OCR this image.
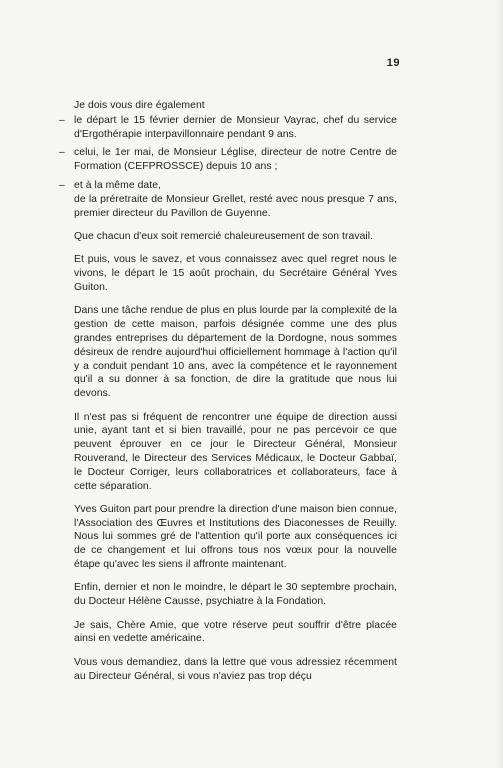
19

Je dois vous dire également

– le départ le 15 février dernier de Monsieur Vayrac, chef du service d'Ergothérapie interpavillonnaire pendant 9 ans.
– celui, le 1er mai, de Monsieur Léglise, directeur de notre Centre de Formation (CEFPROSSCE) depuis 10 ans ;
– et à la même date,
de la préretraite de Monsieur Grellet, resté avec nous presque 7 ans, premier directeur du Pavillon de Guyenne.

Que chacun d'eux soit remercié chaleureusement de son travail.

Et puis, vous le savez, et vous connaissez avec quel regret nous le vivons, le départ le 15 août prochain, du Secrétaire Général Yves Guiton.

Dans une tâche rendue de plus en plus lourde par la complexité de la gestion de cette maison, parfois désignée comme une des plus grandes entreprises du département de la Dordogne, nous sommes désireux de rendre aujourd'hui officiellement hommage à l'action qu'il y a conduit pendant 10 ans, avec la compétence et le rayonnement qu'il a su donner à sa fonction, de dire la gratitude que nous lui devons.

Il n'est pas si fréquent de rencontrer une équipe de direction aussi unie, ayant tant et si bien travaillé, pour ne pas percevoir ce que peuvent éprouver en ce jour le Directeur Général, Monsieur Rouverand, le Directeur des Services Médicaux, le Docteur Gabbaï, le Docteur Corriger, leurs collaboratrices et collaborateurs, face à cette séparation.

Yves Guiton part pour prendre la direction d'une maison bien connue, l'Association des Œuvres et Institutions des Diaconesses de Reuilly. Nous lui sommes gré de l'attention qu'il porte aux conséquences ici de ce changement et lui offrons tous nos vœux pour la nouvelle étape qu'avec les siens il affronte maintenant.

Enfin, dernier et non le moindre, le départ le 30 septembre prochain, du Docteur Hélène Causse, psychiatre à la Fondation.

Je sais, Chère Amie, que votre réserve peut souffrir d'être placée ainsi en vedette américaine.

Vous vous demandiez, dans la lettre que vous adressiez récemment au Directeur Général, si vous n'aviez pas trop déçu
